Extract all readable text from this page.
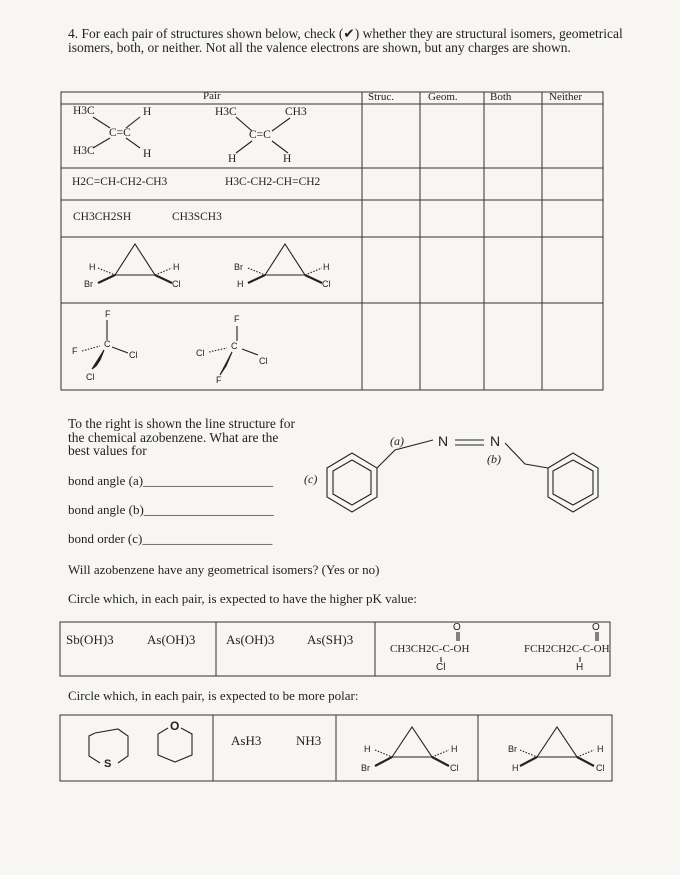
4. For each pair of structures shown below, check (✔) whether they are structural isomers, geometrical isomers, both, or neither. Not all the valence electrons are shown, but any charges are shown.
Pair	Struc.	Geom.	Both	Neither
H3C	H
C=C
H3C	H
H3C	CH3
C=C
H	H
H2C=CH-CH2-CH3	H3C-CH2-CH=CH2
CH3CH2SH	CH3SCH3
H
Br
H
Cl
Br
H
H
Cl
F
F
C
Cl
Cl
F
C
Cl
Cl
F
To the right is shown the line structure for the chemical azobenzene. What are the best values for
(a) N	N
(b)
(c)
bond angle (a)____________________
bond angle (b)____________________
bond order (c)____________________
Will azobenzene have any geometrical isomers? (Yes or no)
Circle which, in each pair, is expected to have the higher pK value:
Sb(OH)3	As(OH)3 As(OH)3	As(SH)3
O
CH3CH2C-C-OH
Cl
O
FCH2CH2C-C-OH
H
Circle which, in each pair, is expected to be more polar:
S
O
AsH3	NH3
H
Br
H
Cl
Br
H
H
Cl
